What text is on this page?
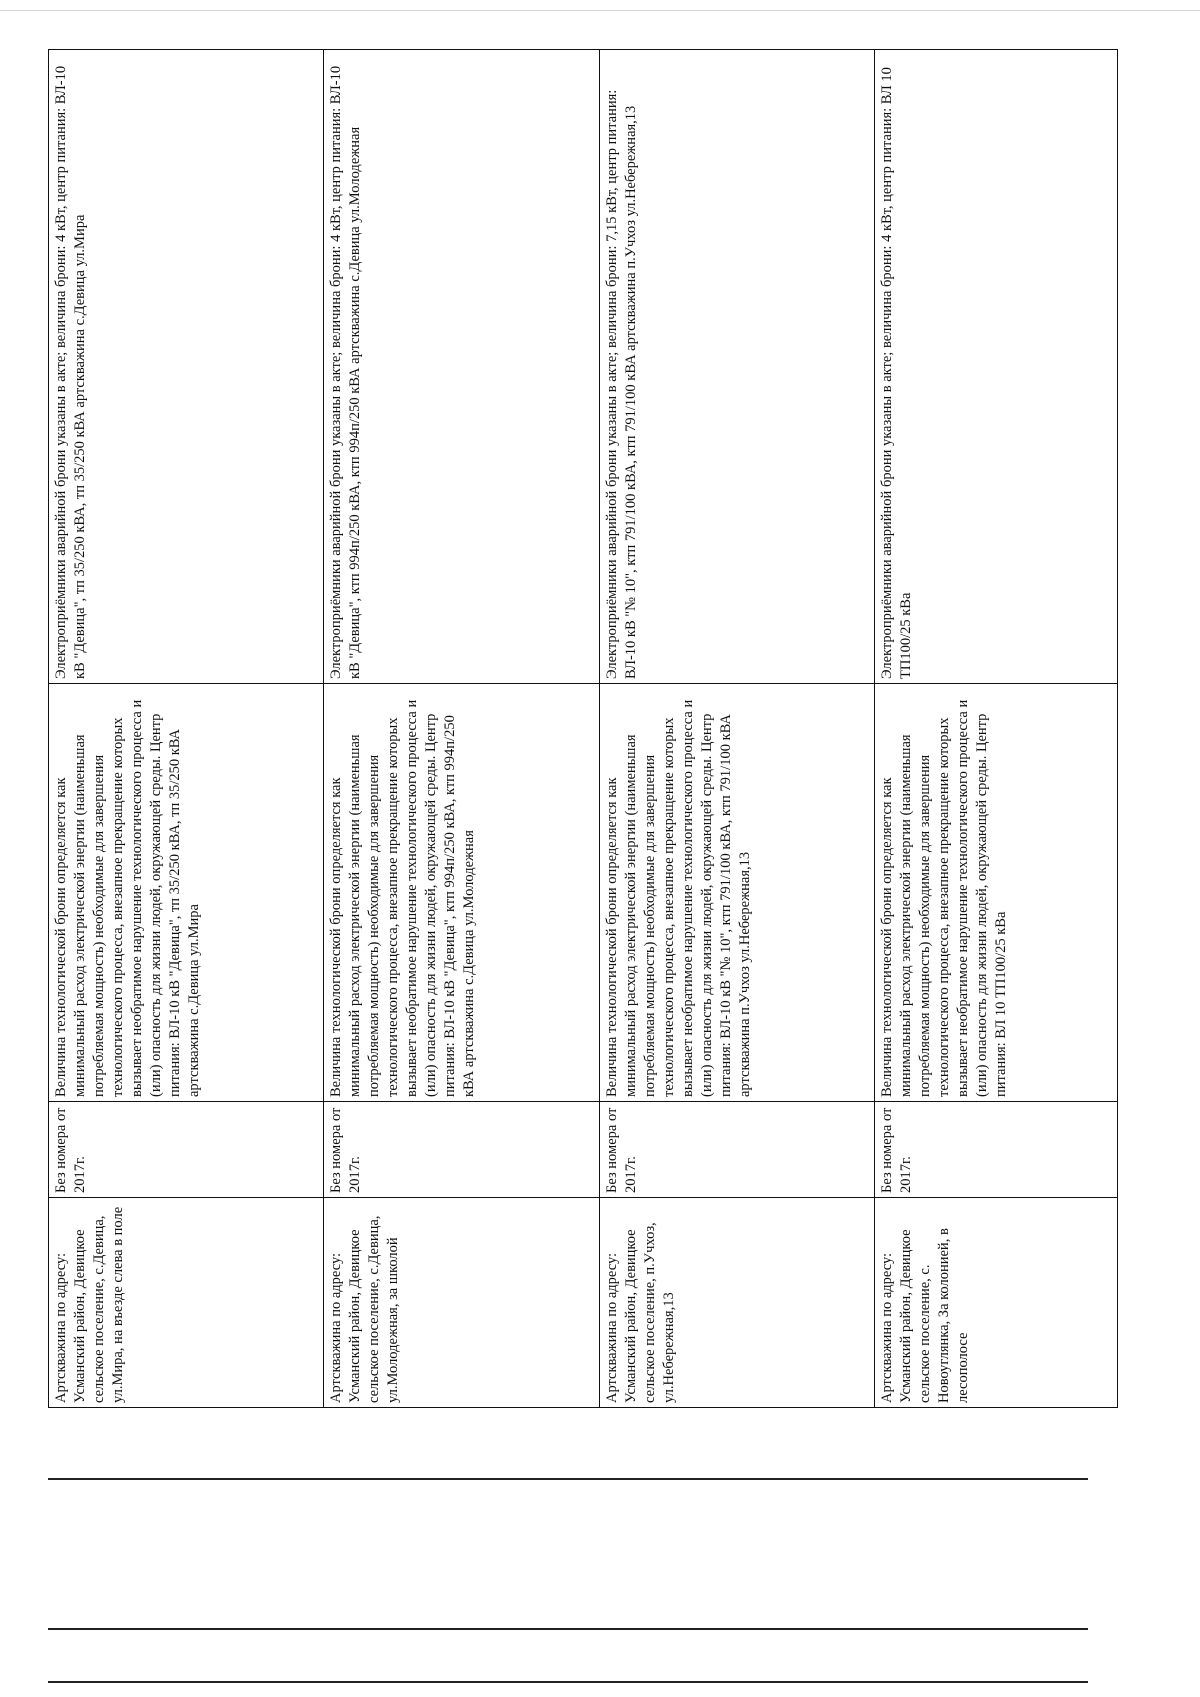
Артскважина по адресу: Усманский район, Девицкое сельское поселение, с.Девица, ул.Мира, на въезде слева в поле	Без номера от 2017г.	Величина технологической брони определяется как минимальный расход электрической энергии (наименьшая потребляемая мощность) необходимые для завершения технологического процесса, внезапное прекращение которых вызывает необратимое нарушение технологического процесса и (или) опасность для жизни людей, окружающей среды. Центр питания: ВЛ-10 кВ "Девица", тп 35/250 кВА, тп 35/250 кВА артскважина с.Девица ул.Мира	Электроприёмники аварийной брони указаны в акте; величина брони: 4 кВт, центр питания: ВЛ-10 кВ "Девица", тп 35/250 кВА, тп 35/250 кВА артскважина с.Девица ул.Мира
Артскважина по адресу: Усманский район, Девицкое сельское поселение, с.Девица, ул.Молодежная, за школой	Без номера от 2017г.	Величина технологической брони определяется как минимальный расход электрической энергии (наименьшая потребляемая мощность) необходимые для завершения технологического процесса, внезапное прекращение которых вызывает необратимое нарушение технологического процесса и (или) опасность для жизни людей, окружающей среды. Центр питания: ВЛ-10 кВ "Девица", ктп 994п/250 кВА, ктп 994п/250 кВА артскважина с.Девица ул.Молодежная	Электроприёмники аварийной брони указаны в акте; величина брони: 4 кВт, центр питания: ВЛ-10 кВ "Девица", ктп 994п/250 кВА, ктп 994п/250 кВА артскважина с.Девица ул.Молодежная
Артскважина по адресу: Усманский район, Девицкое сельское поселение, п.Учхоз, ул.Небережная,13	Без номера от 2017г.	Величина технологической брони определяется как минимальный расход электрической энергии (наименьшая потребляемая мощность) необходимые для завершения технологического процесса, внезапное прекращение которых вызывает необратимое нарушение технологического процесса и (или) опасность для жизни людей, окружающей среды. Центр питания: ВЛ-10 кВ "№ 10", ктп 791/100 кВА, ктп 791/100 кВА артскважина п.Учхоз ул.Небережная,13	Электроприёмники аварийной брони указаны в акте; величина брони: 7,15 кВт, центр питания: ВЛ-10 кВ "№ 10", ктп 791/100 кВА, ктп 791/100 кВА артскважина п.Учхоз ул.Небережная,13
Артскважина по адресу: Усманский район, Девицкое сельское поселение, с. Новоуглянка, За колонией, в лесополосе	Без номера от 2017г.	Величина технологической брони определяется как минимальный расход электрической энергии (наименьшая потребляемая мощность) необходимые для завершения технологического процесса, внезапное прекращение которых вызывает необратимое нарушение технологического процесса и (или) опасность для жизни людей, окружающей среды. Центр питания: ВЛ 10 ТП100/25 кВа	Электроприёмники аварийной брони указаны в акте; величина брони: 4 кВт, центр питания: ВЛ 10 ТП100/25 кВа
